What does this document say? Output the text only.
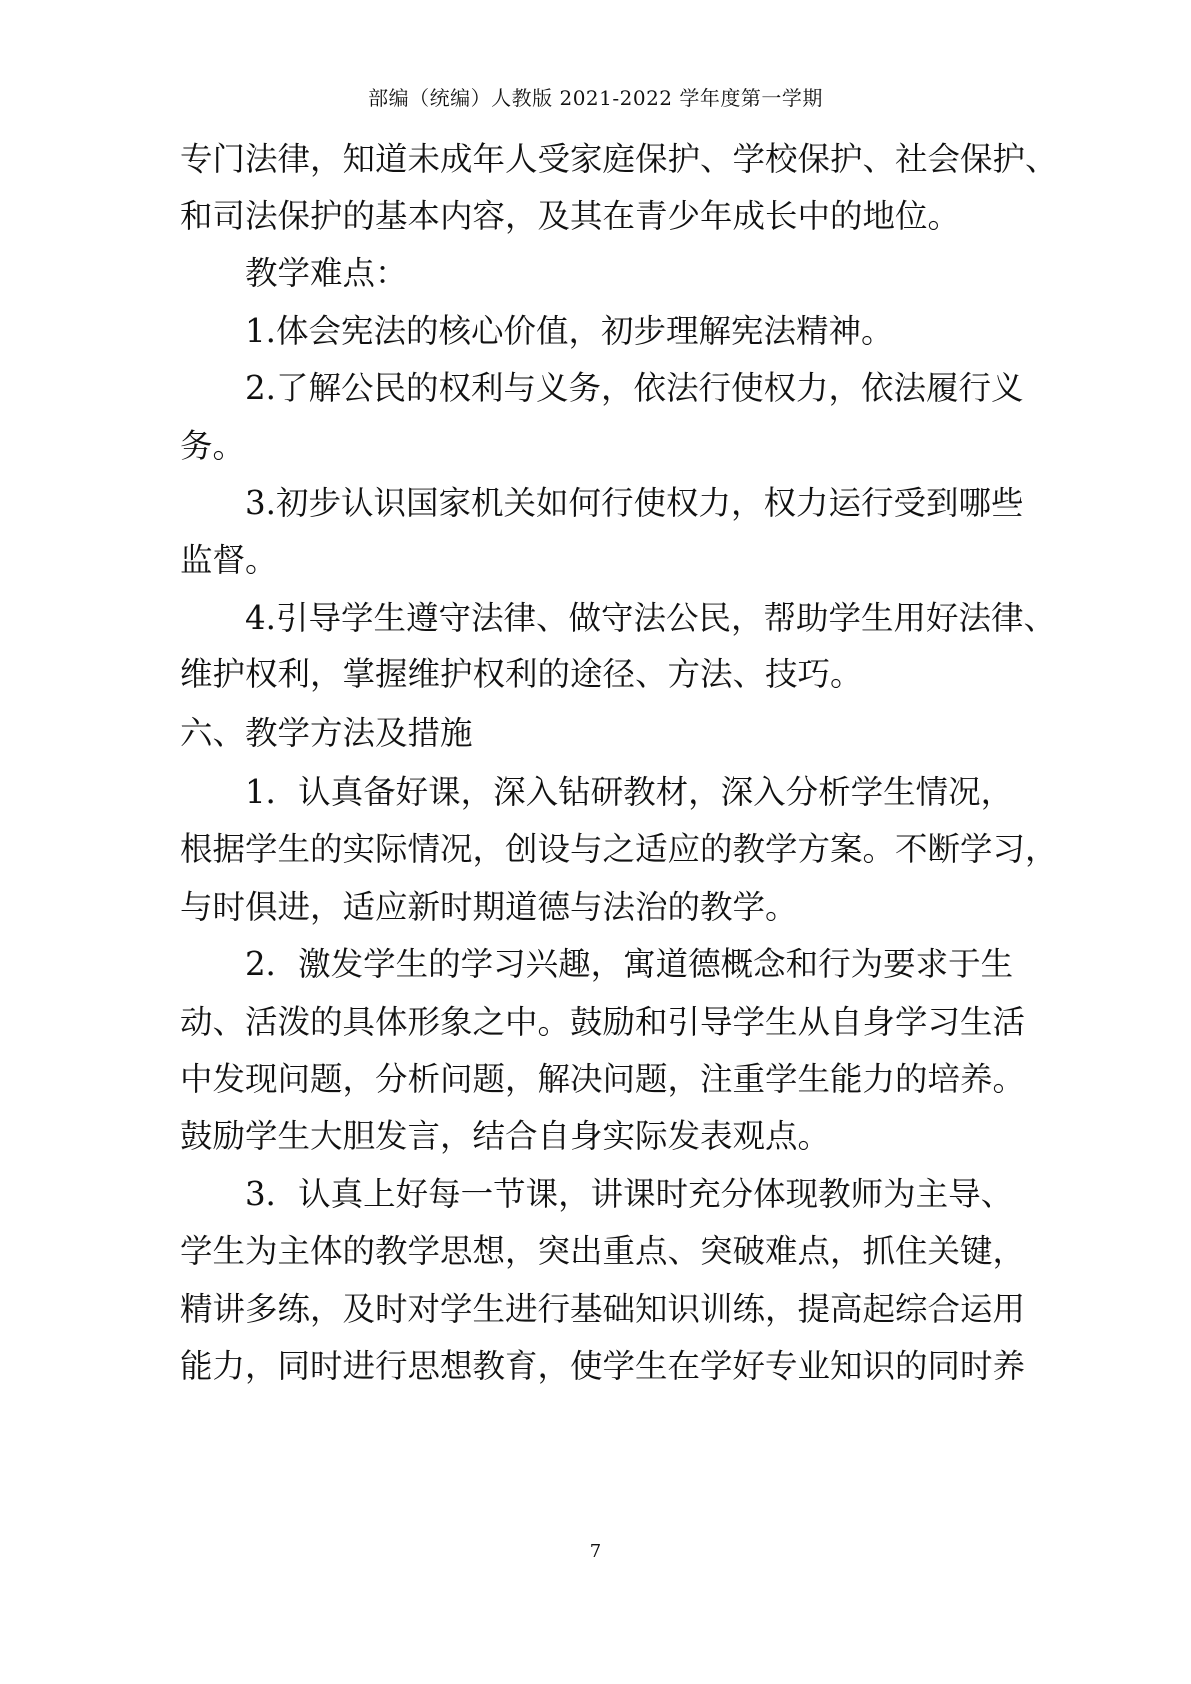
部编（统编）人教版 2021-2022 学年度第一学期
专门法律，知道未成年人受家庭保护、学校保护、社会保护、
和司法保护的基本内容，及其在青少年成长中的地位。
教学难点：
1.体会宪法的核心价值，初步理解宪法精神。
2.了解公民的权利与义务，依法行使权力，依法履行义
务。
3.初步认识国家机关如何行使权力，权力运行受到哪些
监督。
4.引导学生遵守法律、做守法公民，帮助学生用好法律、
维护权利，掌握维护权利的途径、方法、技巧。
六、教学方法及措施
1．认真备好课，深入钻研教材，深入分析学生情况，
根据学生的实际情况，创设与之适应的教学方案。不断学习，
与时俱进，适应新时期道德与法治的教学。
2．激发学生的学习兴趣，寓道德概念和行为要求于生
动、活泼的具体形象之中。鼓励和引导学生从自身学习生活
中发现问题，分析问题，解决问题，注重学生能力的培养。
鼓励学生大胆发言，结合自身实际发表观点。
3．认真上好每一节课，讲课时充分体现教师为主导、
学生为主体的教学思想，突出重点、突破难点，抓住关键，
精讲多练，及时对学生进行基础知识训练，提高起综合运用
能力，同时进行思想教育，使学生在学好专业知识的同时养
7
